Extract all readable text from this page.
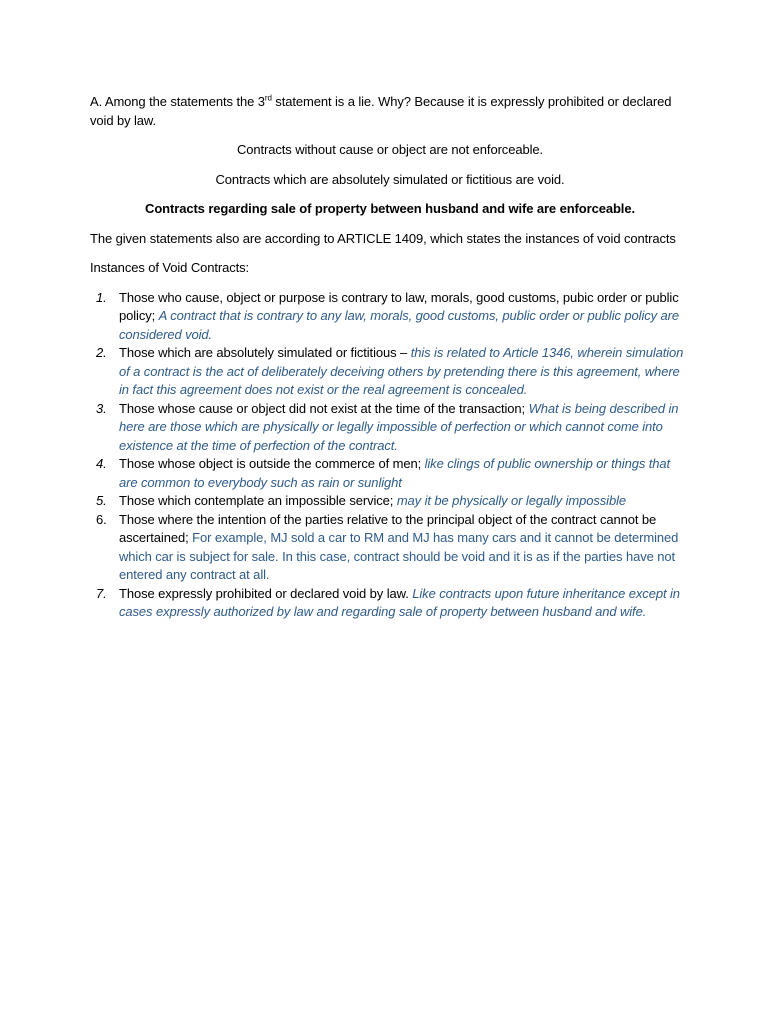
A. Among the statements the 3rd statement is a lie. Why? Because it is expressly prohibited or declared void by law.

Contracts without cause or object are not enforceable.

Contracts which are absolutely simulated or fictitious are void.

Contracts regarding sale of property between husband and wife are enforceable.

The given statements also are according to ARTICLE 1409, which states the instances of void contracts

Instances of Void Contracts:

1. Those who cause, object or purpose is contrary to law, morals, good customs, pubic order or public policy; A contract that is contrary to any law, morals, good customs, public order or public policy are considered void.
2. Those which are absolutely simulated or fictitious – this is related to Article 1346, wherein simulation of a contract is the act of deliberately deceiving others by pretending there is this agreement, where in fact this agreement does not exist or the real agreement is concealed.
3. Those whose cause or object did not exist at the time of the transaction; What is being described in here are those which are physically or legally impossible of perfection or which cannot come into existence at the time of perfection of the contract.
4. Those whose object is outside the commerce of men; like clings of public ownership or things that are common to everybody such as rain or sunlight
5. Those which contemplate an impossible service; may it be physically or legally impossible
6. Those where the intention of the parties relative to the principal object of the contract cannot be ascertained; For example, MJ sold a car to RM and MJ has many cars and it cannot be determined which car is subject for sale. In this case, contract should be void and it is as if the parties have not entered any contract at all.
7. Those expressly prohibited or declared void by law. Like contracts upon future inheritance except in cases expressly authorized by law and regarding sale of property between husband and wife.
